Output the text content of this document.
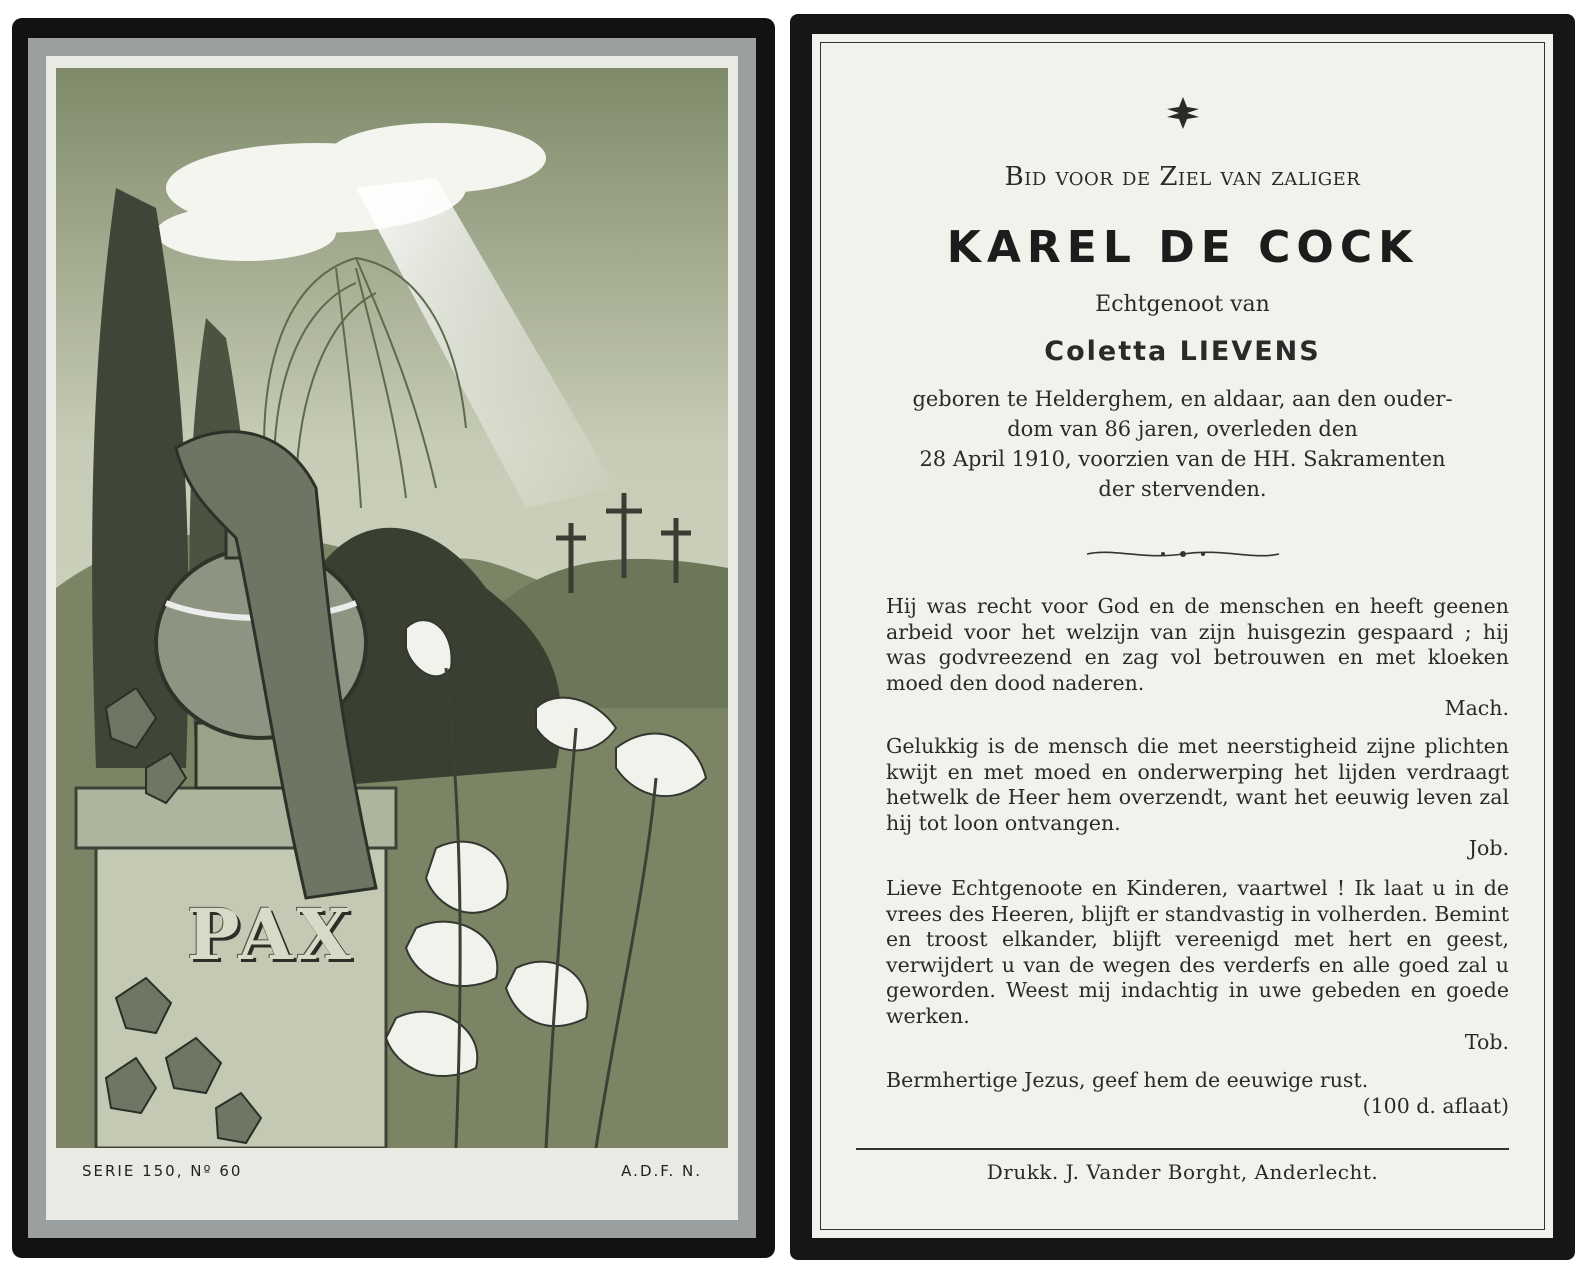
PAX
SERIE 150, Nº 60	A.D.F. N.
Bid voor de Ziel van zaliger
KAREL DE COCK
Echtgenoot van
Coletta LIEVENS
geboren te Helderghem, en aldaar, aan den ouder-
dom van 86 jaren, overleden den
28 April 1910, voorzien van de HH. Sakramenten
der stervenden.
Hij was recht voor God en de menschen en heeft geenen arbeid voor het welzijn van zijn huisgezin gespaard ; hij was godvreezend en zag vol betrouwen en met kloeken moed den dood naderen.
Mach.
Gelukkig is de mensch die met neerstigheid zijne plichten kwijt en met moed en onderwerping het lijden verdraagt hetwelk de Heer hem overzendt, want het eeuwig leven zal hij tot loon ontvangen.
Job.
Lieve Echtgenoote en Kinderen, vaartwel ! Ik laat u in de vrees des Heeren, blijft er standvastig in volherden. Bemint en troost elkander, blijft vereenigd met hert en geest, verwijdert u van de wegen des verderfs en alle goed zal u geworden. Weest mij indachtig in uwe gebeden en goede werken.
Tob.
Bermhertige Jezus, geef hem de eeuwige rust.
(100 d. aflaat)
Drukk. J. Vander Borght, Anderlecht.
